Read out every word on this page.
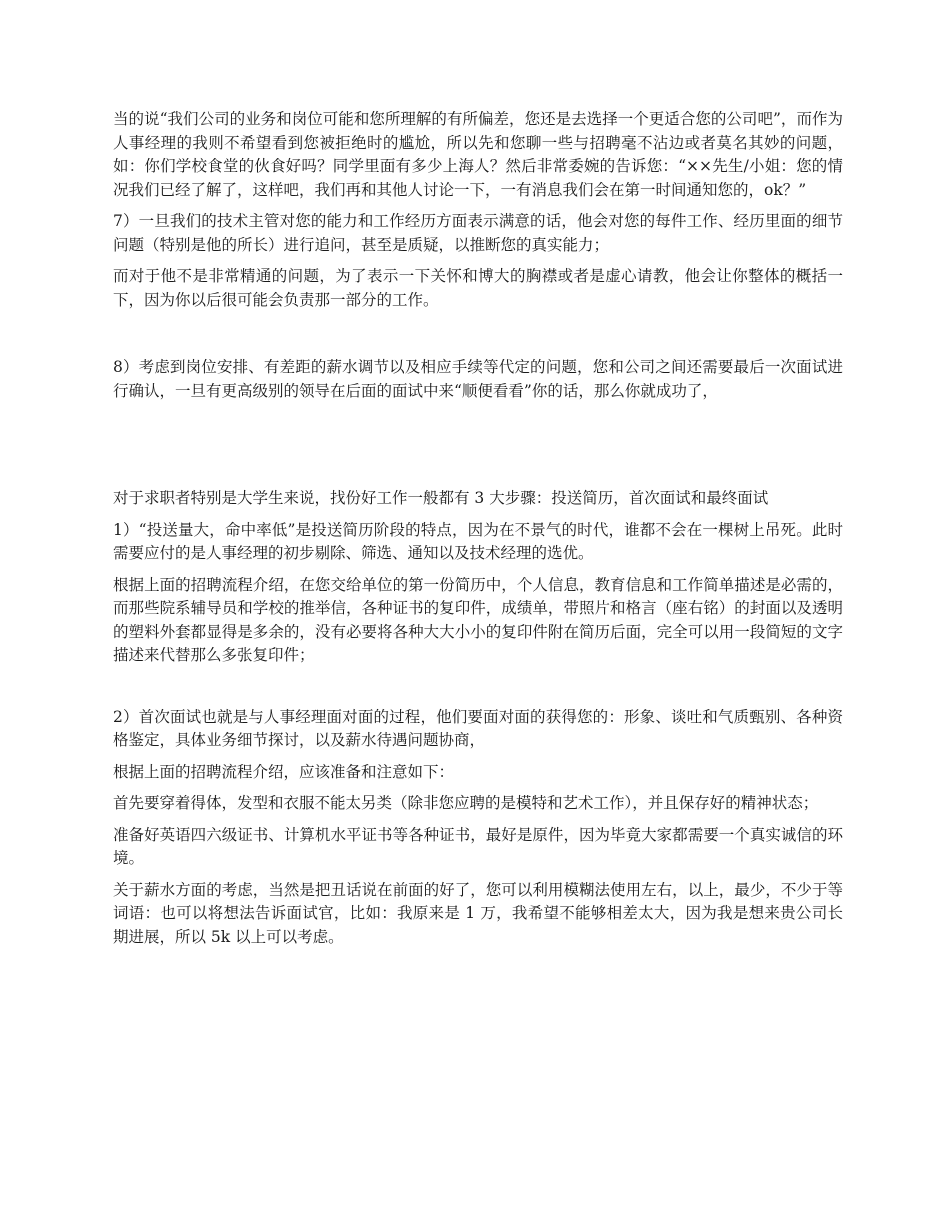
当的说“我们公司的业务和岗位可能和您所理解的有所偏差，您还是去选择一个更适合您的公司吧”，而作为人事经理的我则不希望看到您被拒绝时的尴尬，所以先和您聊一些与招聘毫不沾边或者莫名其妙的问题，如：你们学校食堂的伙食好吗？同学里面有多少上海人？然后非常委婉的告诉您：“××先生/小姐：您的情况我们已经了解了，这样吧，我们再和其他人讨论一下，一有消息我们会在第一时间通知您的，ok？”

7）一旦我们的技术主管对您的能力和工作经历方面表示满意的话，他会对您的每件工作、经历里面的细节问题（特别是他的所长）进行追问，甚至是质疑，以推断您的真实能力；

而对于他不是非常精通的问题，为了表示一下关怀和博大的胸襟或者是虚心请教，他会让你整体的概括一下，因为你以后很可能会负责那一部分的工作。

8）考虑到岗位安排、有差距的薪水调节以及相应手续等代定的问题，您和公司之间还需要最后一次面试进行确认，一旦有更高级别的领导在后面的面试中来“顺便看看”你的话，那么你就成功了，

对于求职者特别是大学生来说，找份好工作一般都有 3 大步骤：投送简历，首次面试和最终面试

1）“投送量大，命中率低”是投送简历阶段的特点，因为在不景气的时代，谁都不会在一棵树上吊死。此时需要应付的是人事经理的初步剔除、筛选、通知以及技术经理的选优。

根据上面的招聘流程介绍，在您交给单位的第一份简历中，个人信息，教育信息和工作简单描述是必需的，而那些院系辅导员和学校的推举信，各种证书的复印件，成绩单，带照片和格言（座右铭）的封面以及透明的塑料外套都显得是多余的，没有必要将各种大大小小的复印件附在简历后面，完全可以用一段简短的文字描述来代替那么多张复印件；

2）首次面试也就是与人事经理面对面的过程，他们要面对面的获得您的：形象、谈吐和气质甄别、各种资格鉴定，具体业务细节探讨，以及薪水待遇问题协商，

根据上面的招聘流程介绍，应该准备和注意如下：

首先要穿着得体，发型和衣服不能太另类（除非您应聘的是模特和艺术工作），并且保存好的精神状态；

准备好英语四六级证书、计算机水平证书等各种证书，最好是原件，因为毕竟大家都需要一个真实诚信的环境。

关于薪水方面的考虑，当然是把丑话说在前面的好了，您可以利用模糊法使用左右，以上，最少，不少于等词语：也可以将想法告诉面试官，比如：我原来是 1 万，我希望不能够相差太大，因为我是想来贵公司长期进展，所以 5k 以上可以考虑。
